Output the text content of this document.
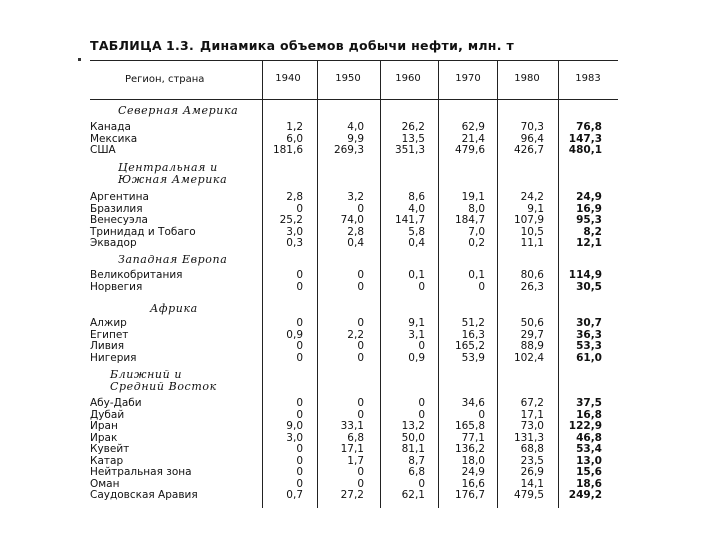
ТАБЛИЦА 1.3. Динамика объемов добычи нефти, млн. т
Регион, страна	1940	1950	1960	1970	1980	1983
Северная Америка
Канада	1,2	4,0	26,2	62,9	70,3	76,8
Мексика	6,0	9,9	13,5	21,4	96,4	147,3
США	181,6	269,3	351,3	479,6	426,7	480,1
Центральная и Южная Америка
Аргентина	2,8	3,2	8,6	19,1	24,2	24,9
Бразилия	0	0	4,0	8,0	9,1	16,9
Венесуэла	25,2	74,0	141,7	184,7	107,9	95,3
Тринидад и Тобаго	3,0	2,8	5,8	7,0	10,5	8,2
Эквадор	0,3	0,4	0,4	0,2	11,1	12,1
Западная Европа
Великобритания	0	0	0,1	0,1	80,6	114,9
Норвегия	0	0	0	0	26,3	30,5
Африка
Алжир	0	0	9,1	51,2	50,6	30,7
Египет	0,9	2,2	3,1	16,3	29,7	36,3
Ливия	0	0	0	165,2	88,9	53,3
Нигерия	0	0	0,9	53,9	102,4	61,0
Ближний и Средний Восток
Абу-Даби	0	0	0	34,6	67,2	37,5
Дубай	0	0	0	0	17,1	16,8
Иран	9,0	33,1	13,2	165,8	73,0	122,9
Ирак	3,0	6,8	50,0	77,1	131,3	46,8
Кувейт	0	17,1	81,1	136,2	68,8	53,4
Катар	0	1,7	8,7	18,0	23,5	13,0
Нейтральная зона	0	0	6,8	24,9	26,9	15,6
Оман	0	0	0	16,6	14,1	18,6
Саудовская Аравия	0,7	27,2	62,1	176,7	479,5	249,2
